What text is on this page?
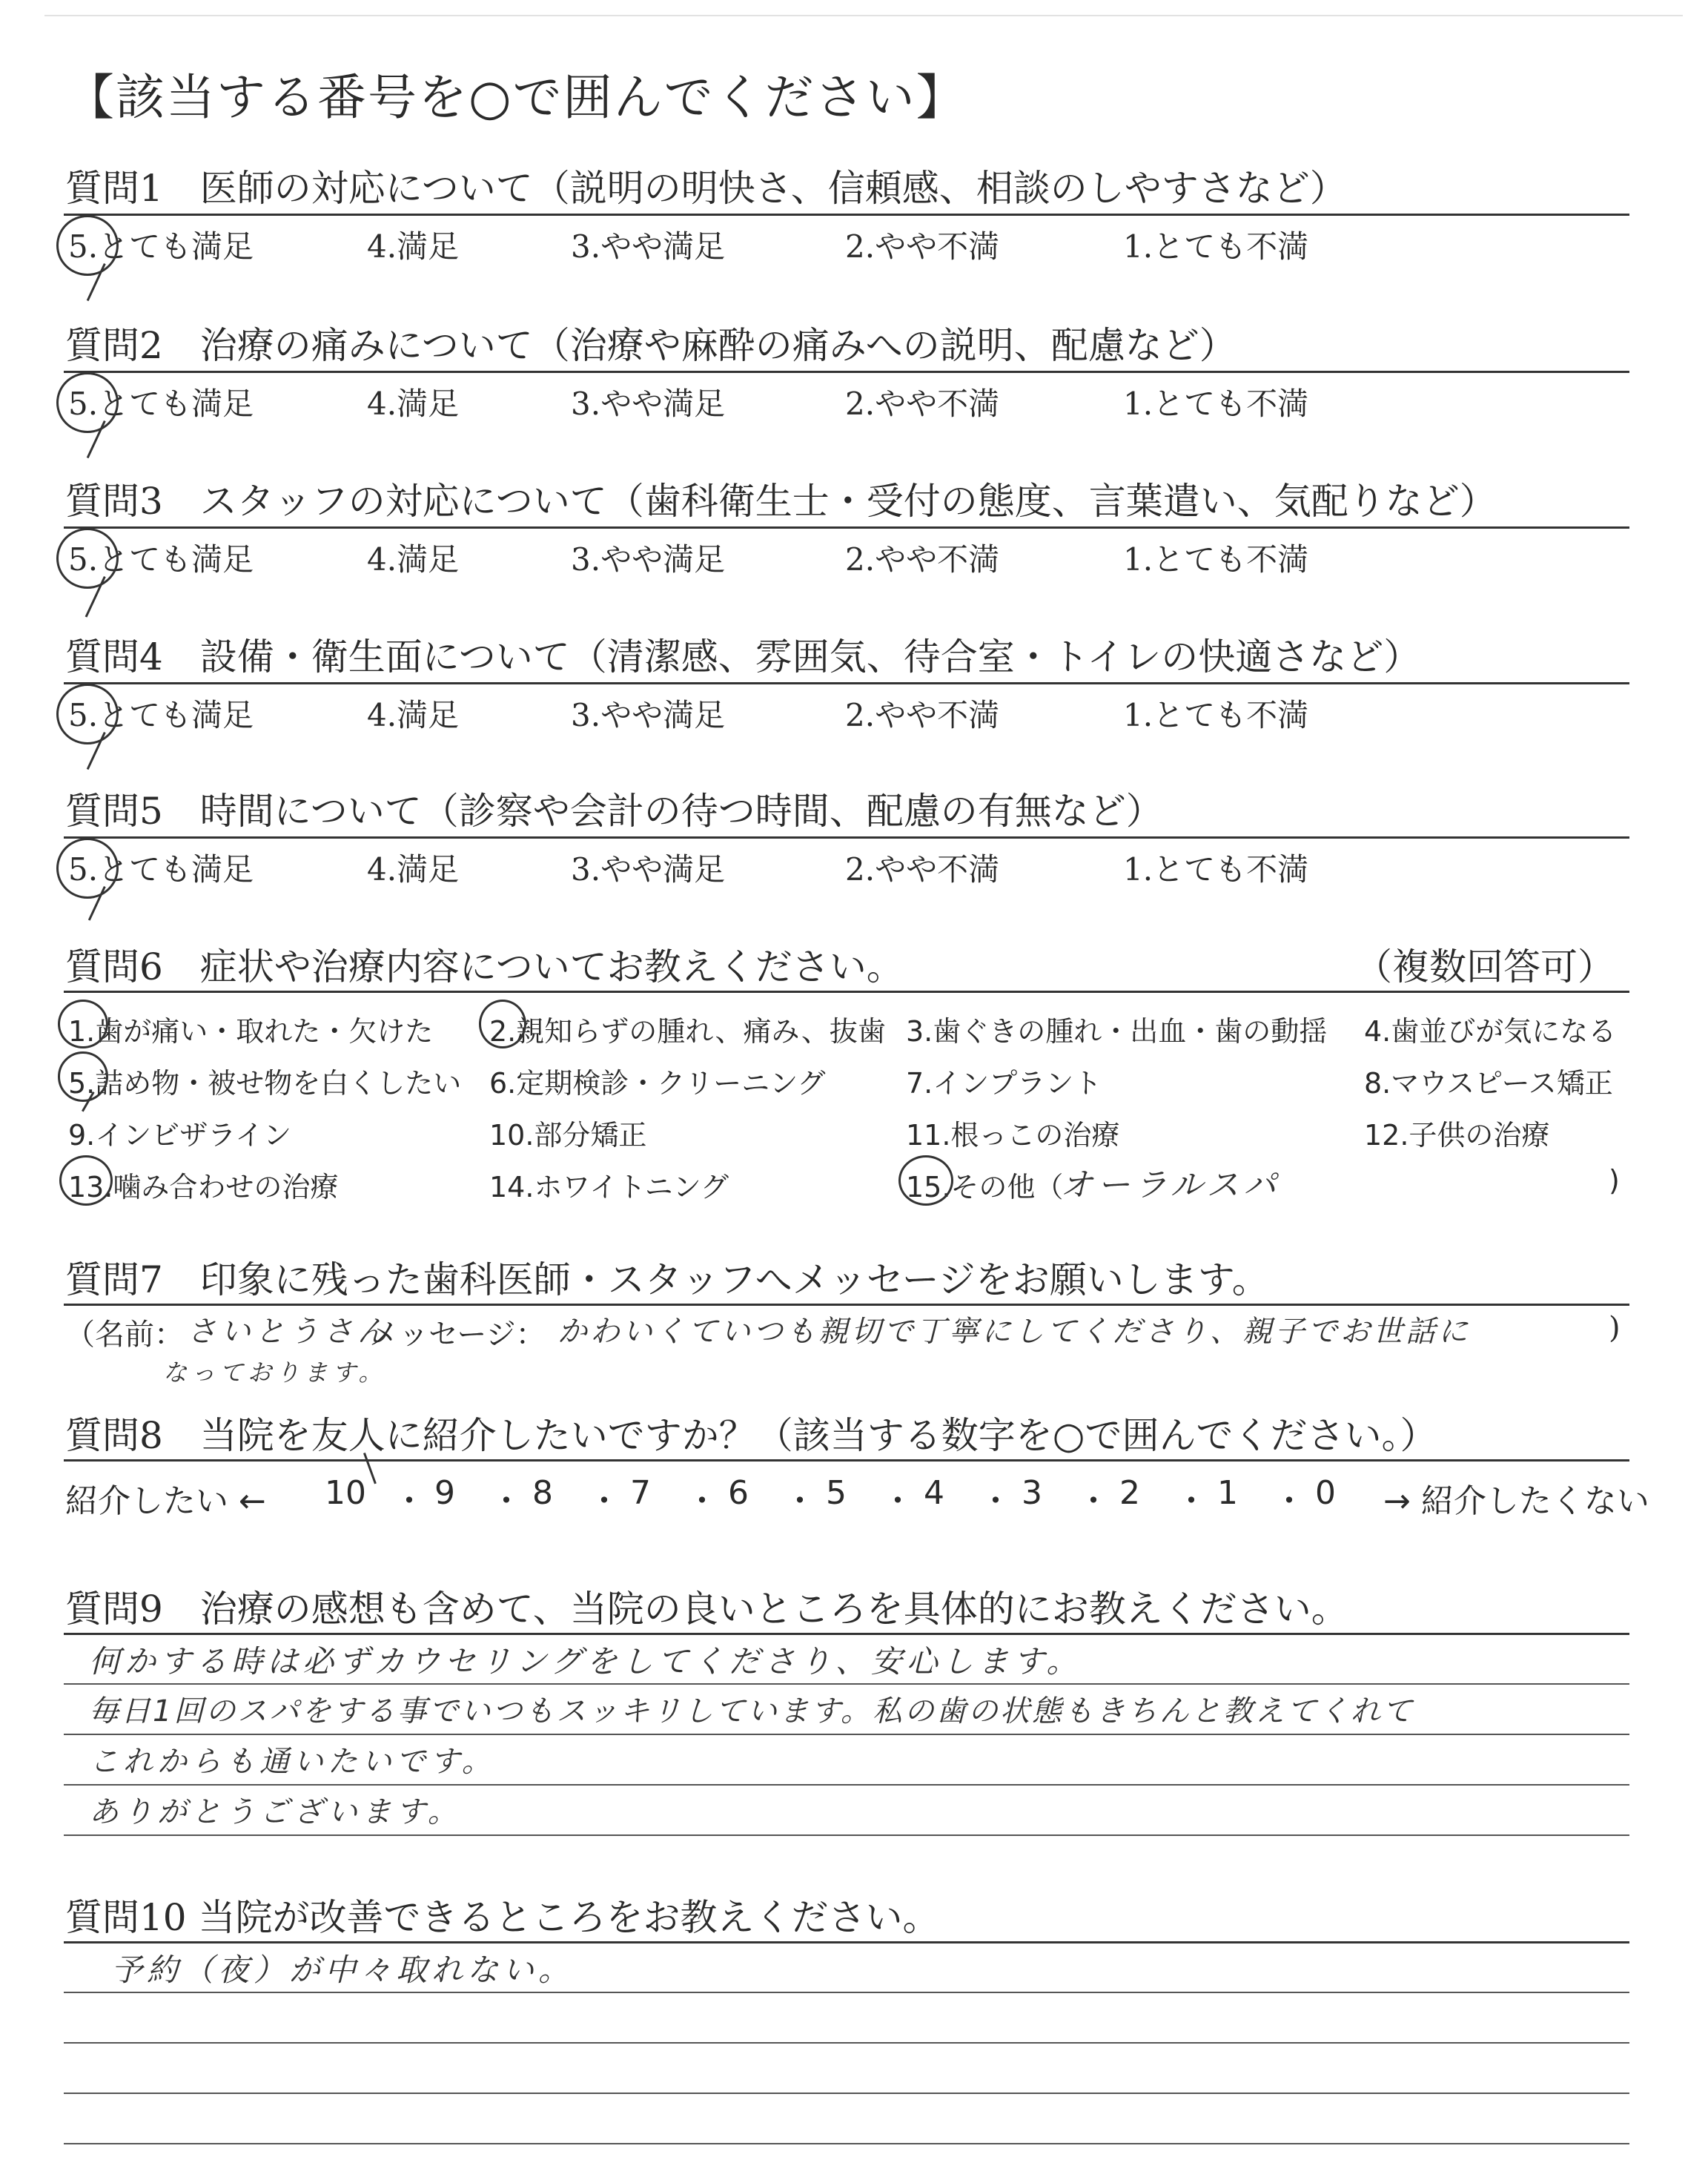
【該当する番号を○で囲んでください】
質問1　医師の対応について（説明の明快さ、信頼感、相談のしやすさなど）
5.とても満足	4.満足	3.やや満足	2.やや不満	1.とても不満
質問2　治療の痛みについて（治療や麻酔の痛みへの説明、配慮など）
5.とても満足	4.満足	3.やや満足	2.やや不満	1.とても不満
質問3　スタッフの対応について（歯科衛生士・受付の態度、言葉遣い、気配りなど）
5.とても満足	4.満足	3.やや満足	2.やや不満	1.とても不満
質問4　設備・衛生面について（清潔感、雰囲気、待合室・トイレの快適さなど）
5.とても満足	4.満足	3.やや満足	2.やや不満	1.とても不満
質問5　時間について（診察や会計の待つ時間、配慮の有無など）
5.とても満足	4.満足	3.やや満足	2.やや不満	1.とても不満
質問6　症状や治療内容についてお教えください。	（複数回答可）
1.歯が痛い・取れた・欠けた 2.親知らずの腫れ、痛み、抜歯 3.歯ぐきの腫れ・出血・歯の動揺 4.歯並びが気になる
5.詰め物・被せ物を白くしたい 6.定期検診・クリーニング	7.インプラント	8.マウスピース矯正
9.インビザライン	10.部分矯正	11.根っこの治療	12.子供の治療
13.噛み合わせの治療	14.ホワイトニング	15.その他（
オーラルスパ	)
質問7　印象に残った歯科医師・スタッフへメッセージをお願いします。
（名前： さいとうさん
メッセージ： かわいくていつも親切で丁寧にしてくださり、親子でお世話に	)
なっております。
質問8　当院を友人に紹介したいですか？（該当する数字を○で囲んでください。）
紹介したい ← 10 ・ 9 ・ 8 ・ 7 ・ 6 ・ 5 ・ 4 ・ 3 ・ 2 ・ 1 ・ 0 → 紹介したくない
質問9　治療の感想も含めて、当院の良いところを具体的にお教えください。
何かする時は必ずカウセリングをしてくださり、安心します。
毎日1回のスパをする事でいつもスッキリしています。私の歯の状態もきちんと教えてくれて
これからも通いたいです。
ありがとうございます。
質問10 当院が改善できるところをお教えください。
予約（夜）が中々取れない。
